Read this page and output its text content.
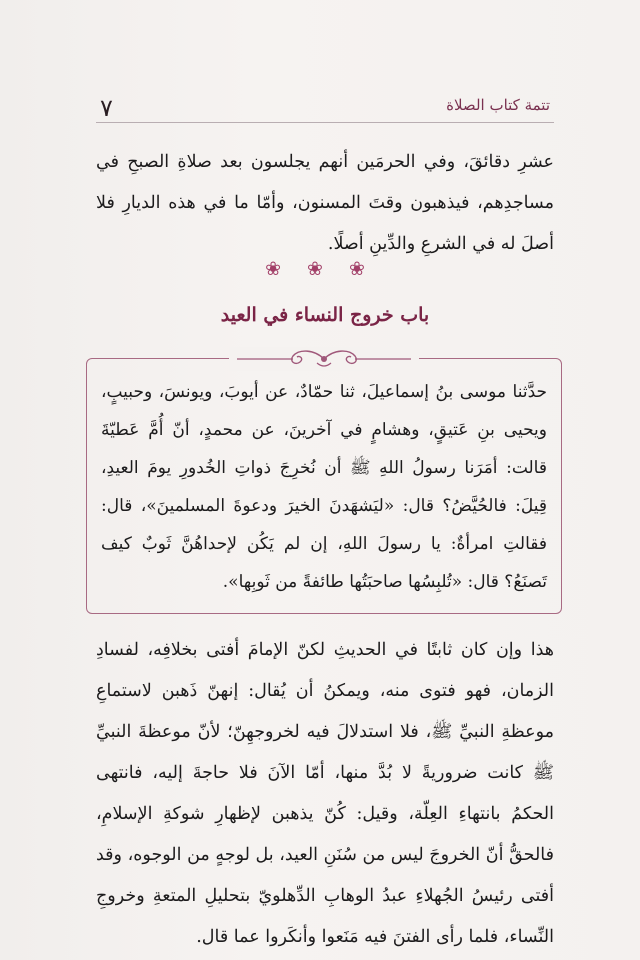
٧	تتمة كتاب الصلاة

عشرِ دقائقَ، وفي الحرمَين أنهم يجلسون بعد صلاةِ الصبحِ في مساجدِهم، فيذهبون وقتَ المسنون، وأمّا ما في هذه الديارِ فلا أصلَ له في الشرعِ والدِّينِ أصلًا.

❀ ❀ ❀
باب خروج النساء في العيد

حدَّثنا موسى بنُ إسماعيلَ، ثنا حمّادٌ، عن أيوبَ، ويونسَ، وحبيبٍ، ويحيى بنِ عَتيقٍ، وهشامٍ في آخرينَ، عن محمدٍ، أنّ أُمَّ عَطيّةَ قالت: أمَرَنا رسولُ اللهِ ﷺ أن نُخرِجَ ذواتِ الخُدورِ يومَ العيدِ، قِيلَ: فالحُيَّضُ؟ قال: «ليَشهَدنَ الخيرَ ودعوةَ المسلمينَ»، قال: فقالتِ امرأةٌ: يا رسولَ اللهِ، إن لم يَكُن لإحداهُنَّ ثَوبٌ كيف تَصنَعُ؟ قال: «تُلبِسُها صاحبَتُها طائفةً من ثَوبِها».

هذا وإن كان ثابتًا في الحديثِ لكنّ الإمامَ أفتى بخلافِه، لفسادِ الزمان، فهو فتوى منه، ويمكنُ أن يُقال: إنهنّ ذَهبن لاستماعِ موعظةِ النبيِّ ﷺ، فلا استدلالَ فيه لخروجهِنّ؛ لأنّ موعظةَ النبيِّ ﷺ كانت ضروريةً لا بُدَّ منها، أمّا الآنَ فلا حاجةَ إليه، فانتهى الحكمُ بانتهاءِ العِلّة، وقيل: كُنّ يذهبن لإظهارِ شوكةِ الإسلامِ، فالحقُّ أنّ الخروجَ ليس من سُنَنِ العيد، بل لوجهٍ من الوجوه، وقد أفتى رئيسُ الجُهلاءِ عبدُ الوهابِ الدِّهلويّ بتحليلِ المتعةِ وخروجِ النِّساء، فلما رأى الفتنَ فيه مَنَعوا وأنكَروا عما قال.
